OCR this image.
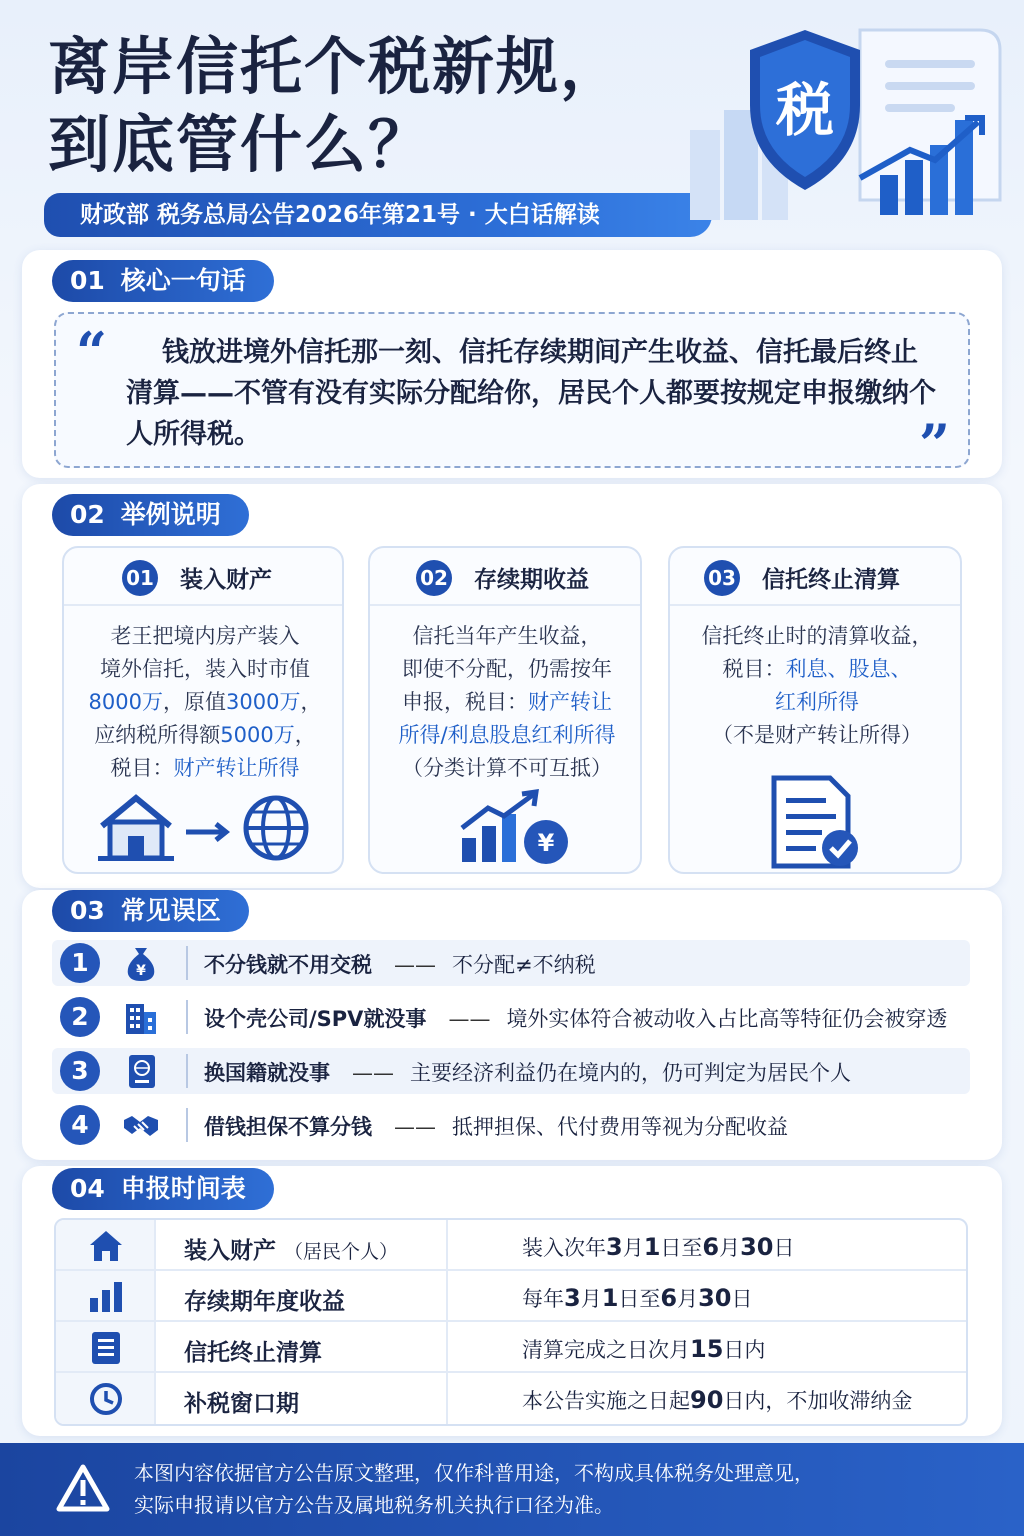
离岸信托个税新规，
到底管什么？
财政部 税务总局公告2026年第21号 · 大白话解读
税
01 核心一句话
“	钱放进境外信托那一刻、信托存续期间产生收益、信托最后终止清算——不管有没有实际分配给你，居民个人都要按规定申报缴纳个人所得税。	”
02 举例说明
01 装入财产
老王把境内房产装入
境外信托，装入时市值
8000万，原值3000万，
应纳税所得额5000万，
税目：财产转让所得
02 存续期收益
信托当年产生收益，
即使不分配，仍需按年
申报，税目：财产转让
所得/利息股息红利所得
（分类计算不可互抵）
¥
03 信托终止清算
信托终止时的清算收益，
税目：利息、股息、
红利所得
（不是财产转让所得）
03 常见误区
1	¥	不分钱就不用交税 —— 不分配≠不纳税
2	设个壳公司/SPV就没事 —— 境外实体符合被动收入占比高等特征仍会被穿透
3	换国籍就没事 —— 主要经济利益仍在境内的，仍可判定为居民个人
4	借钱担保不算分钱 —— 抵押担保、代付费用等视为分配收益
04 申报时间表
装入财产 （居民个人）	装入次年3月1日至6月30日
存续期年度收益	每年3月1日至6月30日
信托终止清算	清算完成之日次月15日内
补税窗口期	本公告实施之日起90日内，不加收滞纳金
本图内容依据官方公告原文整理，仅作科普用途，不构成具体税务处理意见，
实际申报请以官方公告及属地税务机关执行口径为准。
